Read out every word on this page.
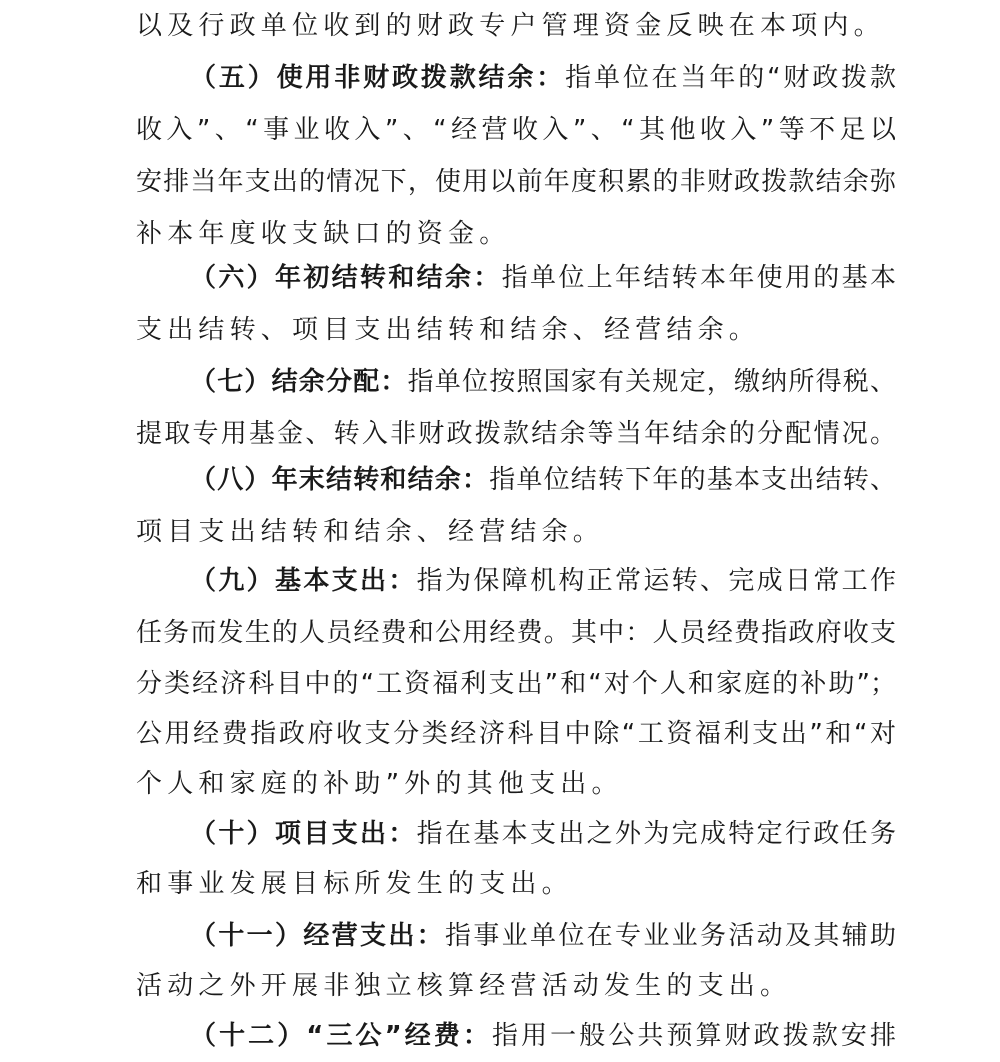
以及行政单位收到的财政专户管理资金反映在本项内。
（五）使用非财政拨款结余：指单位在当年的“财政拨款
收入”、“事业收入”、“经营收入”、“其他收入”等不足以
安排当年支出的情况下，使用以前年度积累的非财政拨款结余弥
补本年度收支缺口的资金。
（六）年初结转和结余：指单位上年结转本年使用的基本
支出结转、项目支出结转和结余、经营结余。
（七）结余分配：指单位按照国家有关规定，缴纳所得税、
提取专用基金、转入非财政拨款结余等当年结余的分配情况。
（八）年末结转和结余：指单位结转下年的基本支出结转、
项目支出结转和结余、经营结余。
（九）基本支出：指为保障机构正常运转、完成日常工作
任务而发生的人员经费和公用经费。其中：人员经费指政府收支
分类经济科目中的“工资福利支出”和“对个人和家庭的补助”；
公用经费指政府收支分类经济科目中除“工资福利支出”和“对
个人和家庭的补助”外的其他支出。
（十）项目支出：指在基本支出之外为完成特定行政任务
和事业发展目标所发生的支出。
（十一）经营支出：指事业单位在专业业务活动及其辅助
活动之外开展非独立核算经营活动发生的支出。
（十二）“三公”经费：指用一般公共预算财政拨款安排
